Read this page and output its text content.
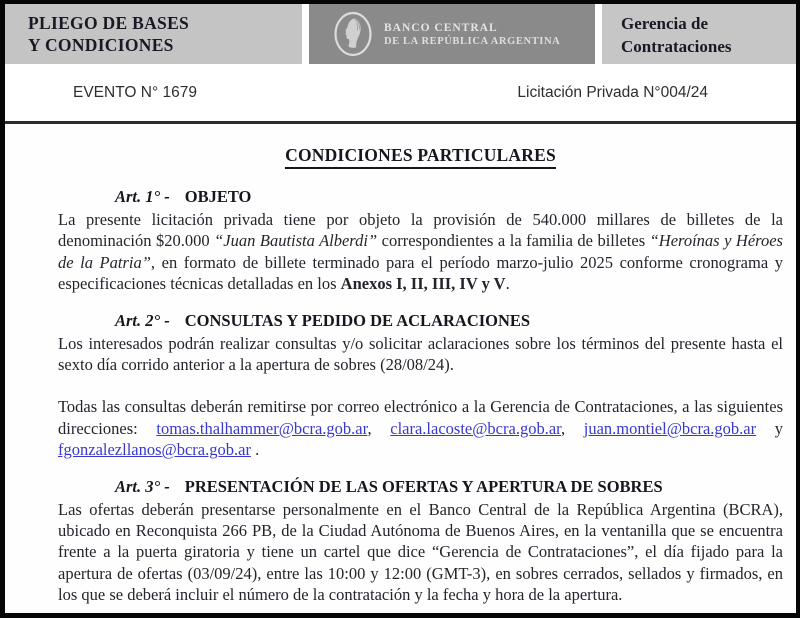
PLIEGO DE BASES
Y CONDICIONES
BANCO CENTRAL
DE LA REPÚBLICA ARGENTINA
Gerencia de
Contrataciones
EVENTO N° 1679	Licitación Privada N°004/24
CONDICIONES PARTICULARES
Art. 1° - OBJETO

La presente licitación privada tiene por objeto la provisión de 540.000 millares de billetes de la denominación $20.000 “Juan Bautista Alberdi” correspondientes a la familia de billetes “Heroínas y Héroes de la Patria”, en formato de billete terminado para el período marzo-julio 2025 conforme cronograma y especificaciones técnicas detalladas en los Anexos I, II, III, IV y V.

Art. 2° - CONSULTAS Y PEDIDO DE ACLARACIONES

Los interesados podrán realizar consultas y/o solicitar aclaraciones sobre los términos del presente hasta el sexto día corrido anterior a la apertura de sobres (28/08/24).

Todas las consultas deberán remitirse por correo electrónico a la Gerencia de Contrataciones, a las siguientes direcciones: tomas.thalhammer@bcra.gob.ar, clara.lacoste@bcra.gob.ar, juan.montiel@bcra.gob.ar y fgonzalezllanos@bcra.gob.ar .

Art. 3° - PRESENTACIÓN DE LAS OFERTAS Y APERTURA DE SOBRES

Las ofertas deberán presentarse personalmente en el Banco Central de la República Argentina (BCRA), ubicado en Reconquista 266 PB, de la Ciudad Autónoma de Buenos Aires, en la ventanilla que se encuentra frente a la puerta giratoria y tiene un cartel que dice “Gerencia de Contrataciones”, el día fijado para la apertura de ofertas (03/09/24), entre las 10:00 y 12:00 (GMT-3), en sobres cerrados, sellados y firmados, en los que se deberá incluir el número de la contratación y la fecha y hora de la apertura.
